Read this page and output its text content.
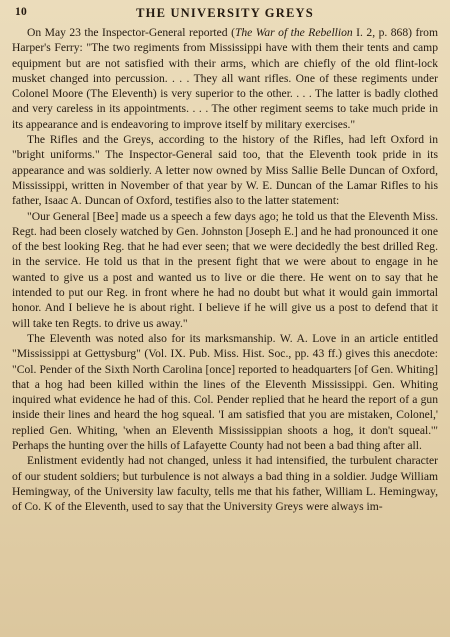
10	THE UNIVERSITY GREYS

On May 23 the Inspector-General reported (The War of the Rebellion I. 2, p. 868) from Harper's Ferry: "The two regiments from Mississippi have with them their tents and camp equipment but are not satisfied with their arms, which are chiefly of the old flint-lock musket changed into percussion. . . . They all want rifles. One of these regiments under Colonel Moore (The Eleventh) is very superior to the other. . . . The latter is badly clothed and very careless in its appointments. . . . The other regiment seems to take much pride in its appearance and is endeavoring to improve itself by military exercises."

The Rifles and the Greys, according to the history of the Rifles, had left Oxford in "bright uniforms." The Inspector-General said too, that the Eleventh took pride in its appearance and was soldierly. A letter now owned by Miss Sallie Belle Duncan of Oxford, Mississippi, written in November of that year by W. E. Duncan of the Lamar Rifles to his father, Isaac A. Duncan of Oxford, testifies also to the latter statement:

"Our General [Bee] made us a speech a few days ago; he told us that the Eleventh Miss. Regt. had been closely watched by Gen. Johnston [Joseph E.] and he had pronounced it one of the best looking Reg. that he had ever seen; that we were decidedly the best drilled Reg. in the service. He told us that in the present fight that we were about to engage in he wanted to give us a post and wanted us to live or die there. He went on to say that he intended to put our Reg. in front where he had no doubt but what it would gain immortal honor. And I believe he is about right. I believe if he will give us a post to defend that it will take ten Regts. to drive us away."

The Eleventh was noted also for its marksmanship. W. A. Love in an article entitled "Mississippi at Gettysburg" (Vol. IX. Pub. Miss. Hist. Soc., pp. 43 ff.) gives this anecdote: "Col. Pender of the Sixth North Carolina [once] reported to headquarters [of Gen. Whiting] that a hog had been killed within the lines of the Eleventh Mississippi. Gen. Whiting inquired what evidence he had of this. Col. Pender replied that he heard the report of a gun inside their lines and heard the hog squeal. 'I am satisfied that you are mistaken, Colonel,' replied Gen. Whiting, 'when an Eleventh Mississippian shoots a hog, it don't squeal.'" Perhaps the hunting over the hills of Lafayette County had not been a bad thing after all.

Enlistment evidently had not changed, unless it had intensified, the turbulent character of our student soldiers; but turbulence is not always a bad thing in a soldier. Judge William Hemingway, of the University law faculty, tells me that his father, William L. Hemingway, of Co. K of the Eleventh, used to say that the University Greys were always im-
